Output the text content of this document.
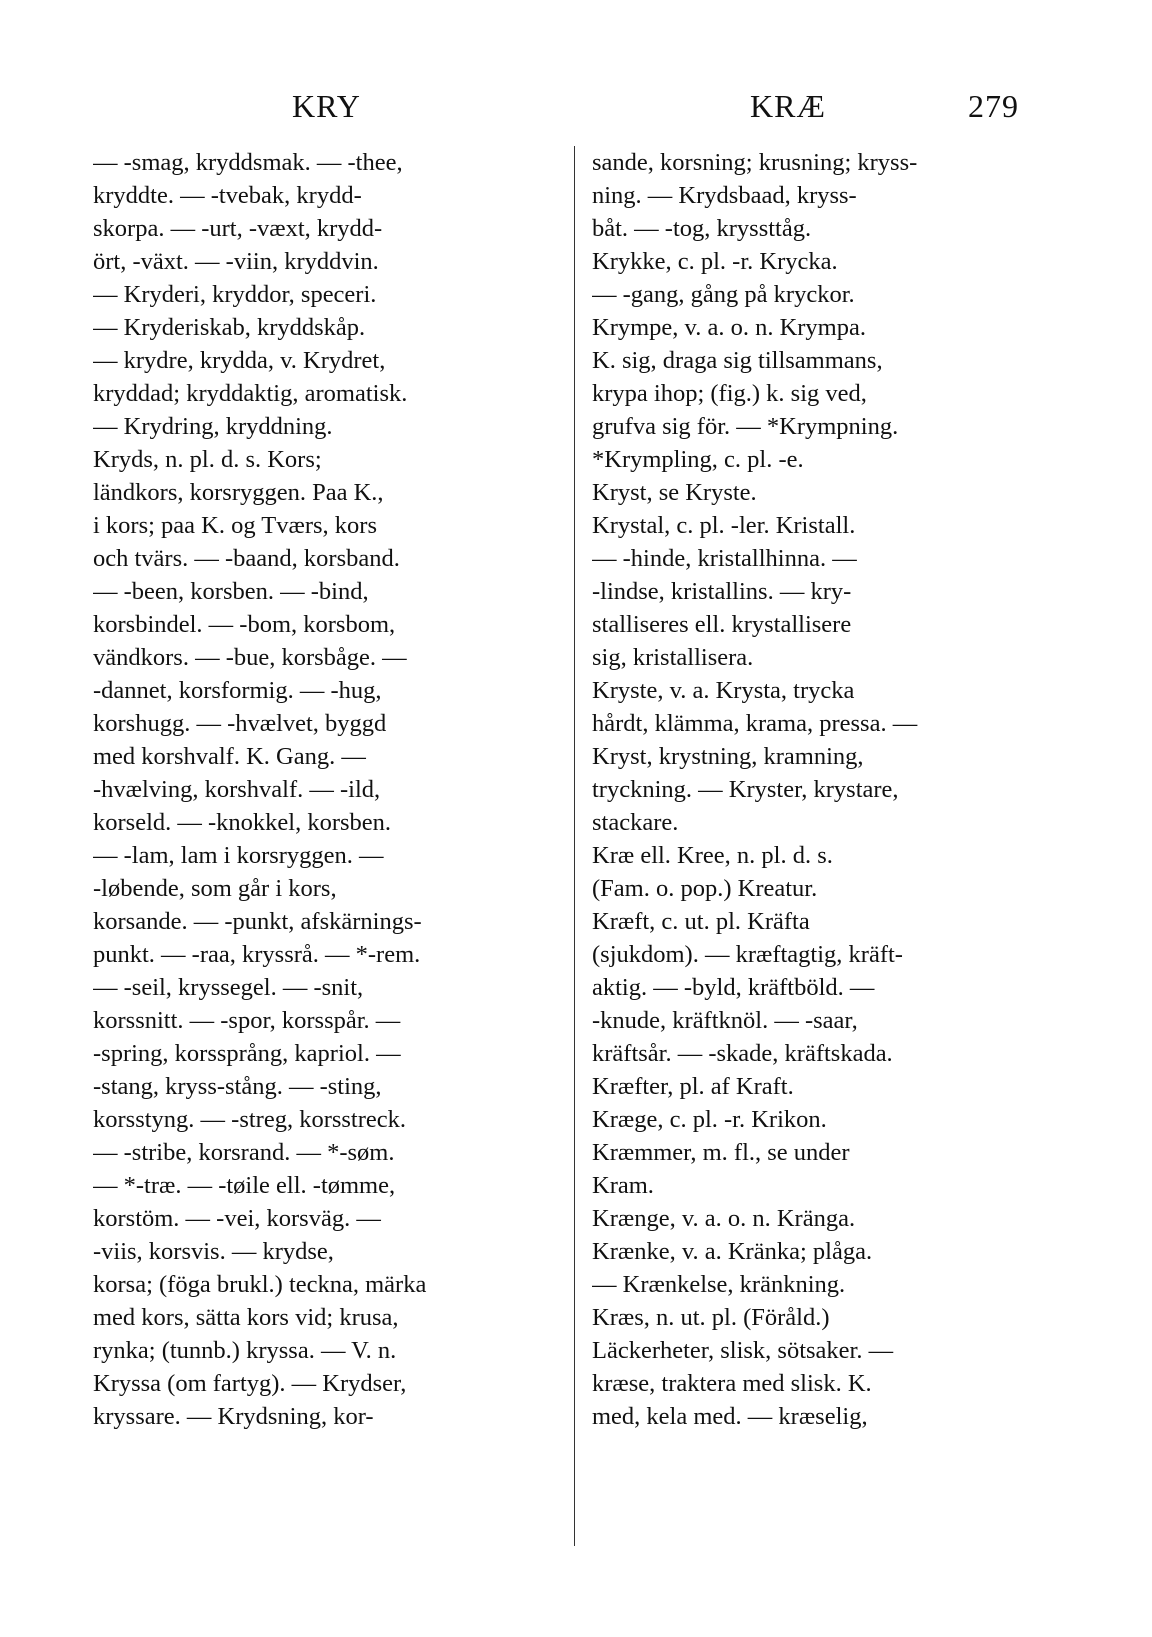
KRY	KRÆ	279
— -smag, kryddsmak. — -thee,
kryddte. — -tvebak, krydd-
skorpa. — -urt, -væxt, krydd-
ört, -växt. — -viin, kryddvin.
— Kryderi, kryddor, speceri.
— Kryderiskab, kryddskåp.
— krydre, krydda, v. Krydret,
kryddad; kryddaktig, aromatisk.
— Krydring, kryddning.
Kryds, n. pl. d. s. Kors;
ländkors, korsryggen. Paa K.,
i kors; paa K. og Tværs, kors
och tvärs. — -baand, korsband.
— -been, korsben. — -bind,
korsbindel. — -bom, korsbom,
vändkors. — -bue, korsbåge. —
-dannet, korsformig. — -hug,
korshugg. — -hvælvet, byggd
med korshvalf. K. Gang. —
-hvælving, korshvalf. — -ild,
korseld. — -knokkel, korsben.
— -lam, lam i korsryggen. —
-løbende, som går i kors,
korsande. — -punkt, afskärnings-
punkt. — -raa, kryssrå. — *-rem.
— -seil, kryssegel. — -snit,
korssnitt. — -spor, korsspår. —
-spring, korssprång, kapriol. —
-stang, kryss-stång. — -sting,
korsstyng. — -streg, korsstreck.
— -stribe, korsrand. — *-søm.
— *-træ. — -tøile ell. -tømme,
korstöm. — -vei, korsväg. —
-viis, korsvis. — krydse,
korsa; (föga brukl.) teckna, märka
med kors, sätta kors vid; krusa,
rynka; (tunnb.) kryssa. — V. n.
Kryssa (om fartyg). — Krydser,
kryssare. — Krydsning, kor-
sande, korsning; krusning; kryss-
ning. — Krydsbaad, kryss-
båt. — -tog, kryssttåg.
Krykke, c. pl. -r. Krycka.
— -gang, gång på kryckor.
Krympe, v. a. o. n. Krympa.
K. sig, draga sig tillsammans,
krypa ihop; (fig.) k. sig ved,
grufva sig för. — *Krympning.
*Krympling, c. pl. -e.
Kryst, se Kryste.
Krystal, c. pl. -ler. Kristall.
— -hinde, kristallhinna. —
-lindse, kristallins. — kry-
stalliseres ell. krystallisere
sig, kristallisera.
Kryste, v. a. Krysta, trycka
hårdt, klämma, krama, pressa. —
Kryst, krystning, kramning,
tryckning. — Kryster, krystare,
stackare.
Kræ ell. Kree, n. pl. d. s.
(Fam. o. pop.) Kreatur.
Kræft, c. ut. pl. Kräfta
(sjukdom). — kræftagtig, kräft-
aktig. — -byld, kräftböld. —
-knude, kräftknöl. — -saar,
kräftsår. — -skade, kräftskada.
Kræfter, pl. af Kraft.
Kræge, c. pl. -r. Krikon.
Kræmmer, m. fl., se under
Kram.
Krænge, v. a. o. n. Kränga.
Krænke, v. a. Kränka; plåga.
— Krænkelse, kränkning.
Kræs, n. ut. pl. (Föråld.)
Läckerheter, slisk, sötsaker. —
kræse, traktera med slisk. K.
med, kela med. — kræselig,
